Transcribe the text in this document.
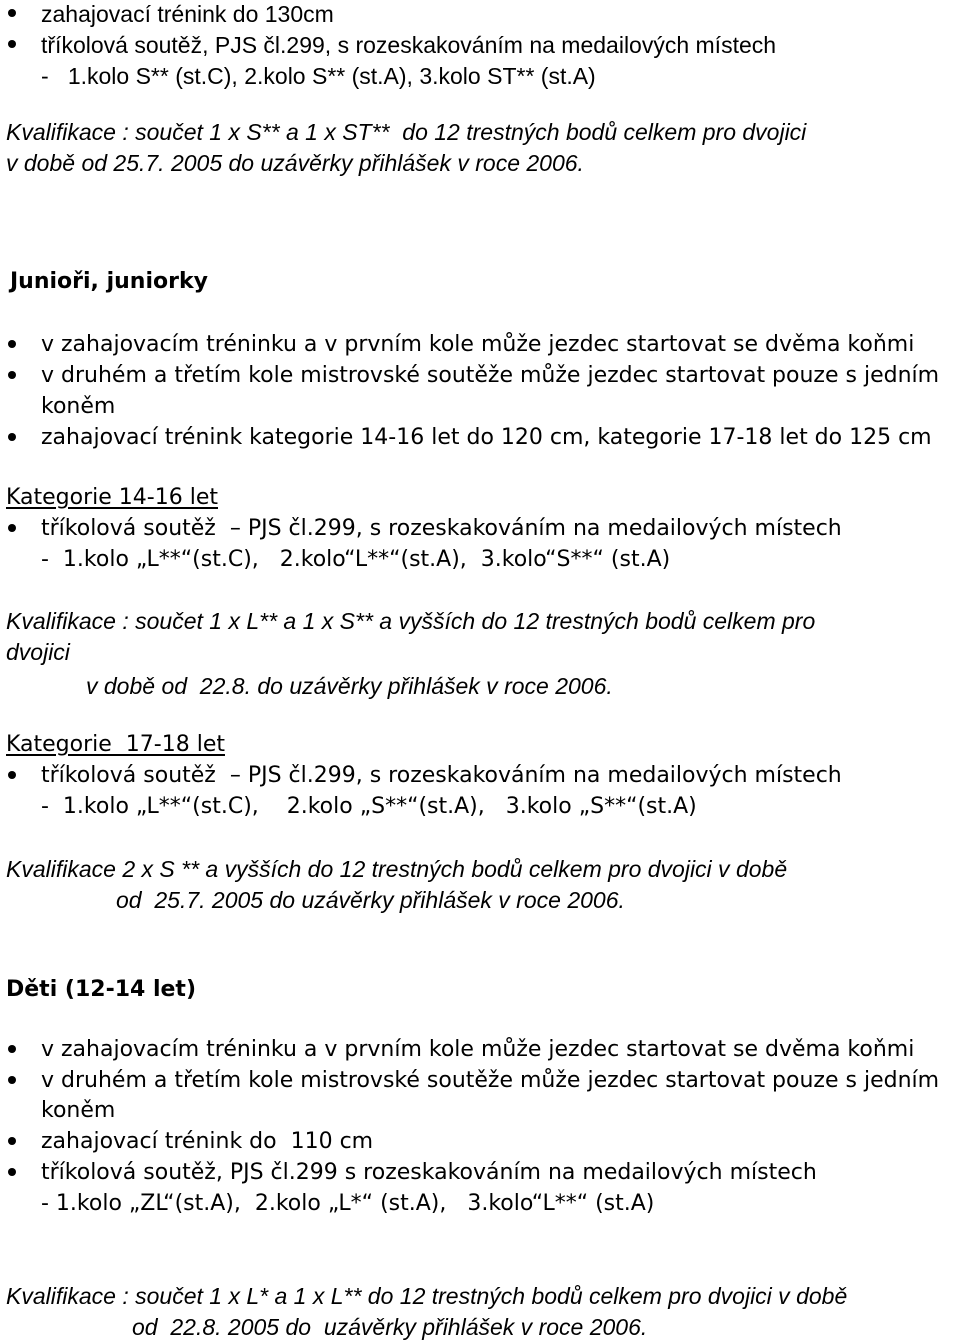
zahajovací trénink do 130cm
tříkolová soutěž, PJS čl.299, s rozeskakováním na medailových místech
-   1.kolo S** (st.C), 2.kolo S** (st.A), 3.kolo ST** (st.A)
Kvalifikace : součet 1 x S** a 1 x ST**  do 12 trestných bodů celkem pro dvojici
v době od 25.7. 2005 do uzávěrky přihlášek v roce 2006.
Junioři, juniorky
v zahajovacím tréninku a v prvním kole může jezdec startovat se dvěma koňmi
v druhém a třetím kole mistrovské soutěže může jezdec startovat pouze s jedním
koněm
zahajovací trénink kategorie 14-16 let do 120 cm, kategorie 17-18 let do 125 cm
Kategorie 14-16 let
tříkolová soutěž  – PJS čl.299, s rozeskakováním na medailových místech
-  1.kolo „L**“(st.C),   2.kolo“L**“(st.A),  3.kolo“S**“ (st.A)
Kvalifikace : součet 1 x L** a 1 x S** a vyšších do 12 trestných bodů celkem pro
dvojici
v době od  22.8. do uzávěrky přihlášek v roce 2006.
Kategorie  17-18 let
tříkolová soutěž  – PJS čl.299, s rozeskakováním na medailových místech
-  1.kolo „L**“(st.C),    2.kolo „S**“(st.A),   3.kolo „S**“(st.A)
Kvalifikace 2 x S ** a vyšších do 12 trestných bodů celkem pro dvojici v době
od  25.7. 2005 do uzávěrky přihlášek v roce 2006.
Děti (12-14 let)
v zahajovacím tréninku a v prvním kole může jezdec startovat se dvěma koňmi
v druhém a třetím kole mistrovské soutěže může jezdec startovat pouze s jedním
koněm
zahajovací trénink do  110 cm
tříkolová soutěž, PJS čl.299 s rozeskakováním na medailových místech
- 1.kolo „ZL“(st.A),  2.kolo „L*“ (st.A),   3.kolo“L**“ (st.A)
Kvalifikace : součet 1 x L* a 1 x L** do 12 trestných bodů celkem pro dvojici v době
od  22.8. 2005 do  uzávěrky přihlášek v roce 2006.
